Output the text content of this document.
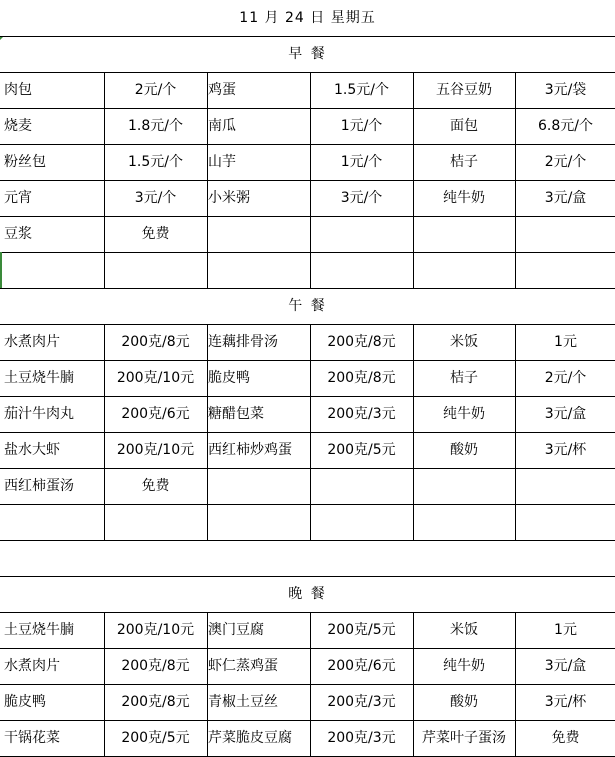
11 月 24 日 星期五
早 餐
肉包	2元/个	鸡蛋	1.5元/个	五谷豆奶	3元/袋
烧麦	1.8元/个	南瓜	1元/个	面包	6.8元/个
粉丝包	1.5元/个	山芋	1元/个	桔子	2元/个
元宵	3元/个	小米粥	3元/个	纯牛奶	3元/盒
豆浆	免费
午 餐
水煮肉片	200克/8元	连藕排骨汤	200克/8元	米饭	1元
土豆烧牛腩	200克/10元 脆皮鸭	200克/8元	桔子	2元/个
茄汁牛肉丸	200克/6元	糖醋包菜	200克/3元	纯牛奶	3元/盒
盐水大虾	200克/10元 西红柿炒鸡蛋	200克/5元	酸奶	3元/杯
西红柿蛋汤	免费
晚 餐
土豆烧牛腩	200克/10元 澳门豆腐	200克/5元	米饭	1元
水煮肉片	200克/8元	虾仁蒸鸡蛋	200克/6元	纯牛奶	3元/盒
脆皮鸭	200克/8元	青椒土豆丝	200克/3元	酸奶	3元/杯
干锅花菜	200克/5元	芹菜脆皮豆腐	200克/3元	芹菜叶子蛋汤	免费
